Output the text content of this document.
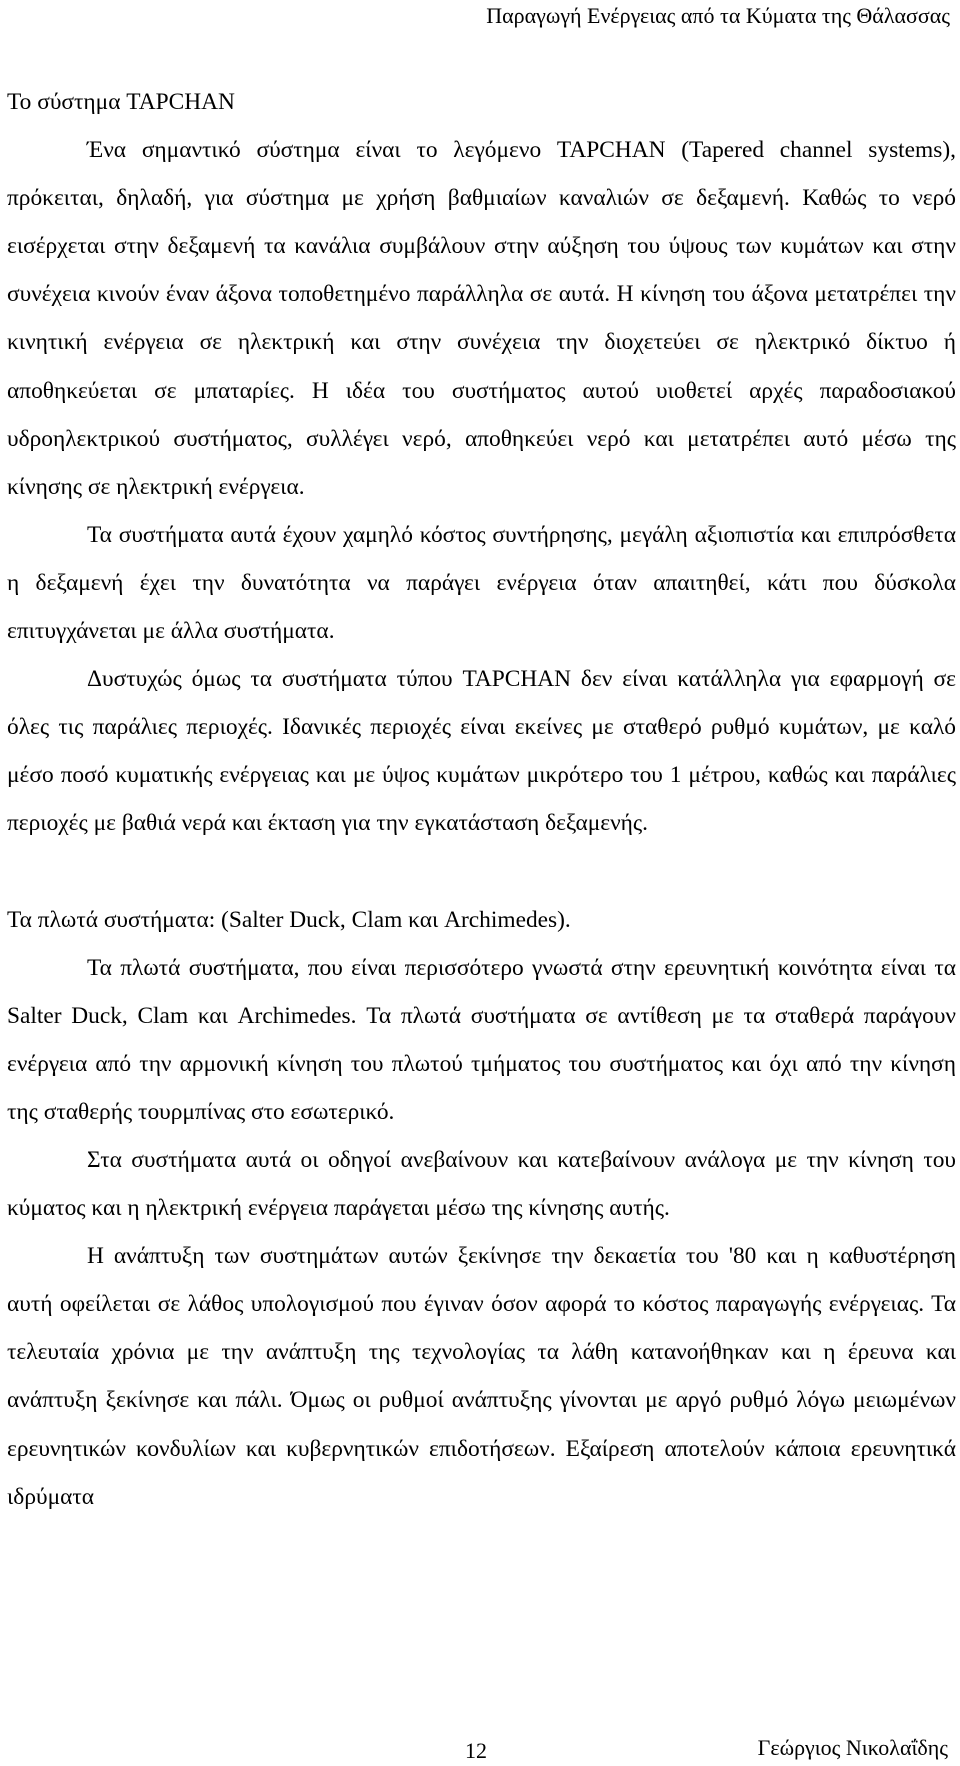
Παραγωγή Ενέργειας από τα Κύματα της Θάλασσας

Το σύστημα TAPCHAN

Ένα σημαντικό σύστημα είναι το λεγόμενο TAPCHAN (Tapered channel systems), πρόκειται, δηλαδή, για σύστημα με χρήση βαθμιαίων καναλιών σε δεξαμενή. Καθώς το νερό εισέρχεται στην δεξαμενή τα κανάλια συμβάλουν στην αύξηση του ύψους των κυμάτων και στην συνέχεια κινούν έναν άξονα τοποθετημένο παράλληλα σε αυτά. Η κίνηση του άξονα μετατρέπει την κινητική ενέργεια σε ηλεκτρική και στην συνέχεια την διοχετεύει σε ηλεκτρικό δίκτυο ή αποθηκεύεται σε μπαταρίες. Η ιδέα του συστήματος αυτού υιοθετεί αρχές παραδοσιακού υδροηλεκτρικού συστήματος, συλλέγει νερό, αποθηκεύει νερό και μετατρέπει αυτό μέσω της κίνησης σε ηλεκτρική ενέργεια.

Τα συστήματα αυτά έχουν χαμηλό κόστος συντήρησης, μεγάλη αξιοπιστία και επιπρόσθετα η δεξαμενή έχει την δυνατότητα να παράγει ενέργεια όταν απαιτηθεί, κάτι που δύσκολα επιτυγχάνεται με άλλα συστήματα.

Δυστυχώς όμως τα συστήματα τύπου TAPCHAN δεν είναι κατάλληλα για εφαρμογή σε όλες τις παράλιες περιοχές. Ιδανικές περιοχές είναι εκείνες με σταθερό ρυθμό κυμάτων, με καλό μέσο ποσό κυματικής ενέργειας και με ύψος κυμάτων μικρότερο του 1 μέτρου, καθώς και παράλιες περιοχές με βαθιά νερά και έκταση για την εγκατάσταση δεξαμενής.

Τα πλωτά συστήματα: (Salter Duck, Clam και Archimedes).

Τα πλωτά συστήματα, που είναι περισσότερο γνωστά στην ερευνητική κοινότητα είναι τα Salter Duck, Clam και Archimedes. Τα πλωτά συστήματα σε αντίθεση με τα σταθερά παράγουν ενέργεια από την αρμονική κίνηση του πλωτού τμήματος του συστήματος και όχι από την κίνηση της σταθερής τουρμπίνας στο εσωτερικό.

Στα συστήματα αυτά οι οδηγοί ανεβαίνουν και κατεβαίνουν ανάλογα με την κίνηση του κύματος και η ηλεκτρική ενέργεια παράγεται μέσω της κίνησης αυτής.

Η ανάπτυξη των συστημάτων αυτών ξεκίνησε την δεκαετία του '80 και η καθυστέρηση αυτή οφείλεται σε λάθος υπολογισμού που έγιναν όσον αφορά το κόστος παραγωγής ενέργειας. Τα τελευταία χρόνια με την ανάπτυξη της τεχνολογίας τα λάθη κατανοήθηκαν και η έρευνα και ανάπτυξη ξεκίνησε και πάλι. Όμως οι ρυθμοί ανάπτυξης γίνονται με αργό ρυθμό λόγω μειωμένων ερευνητικών κονδυλίων και κυβερνητικών επιδοτήσεων. Εξαίρεση αποτελούν κάποια ερευνητικά ιδρύματα

12	Γεώργιος Νικολαΐδης
